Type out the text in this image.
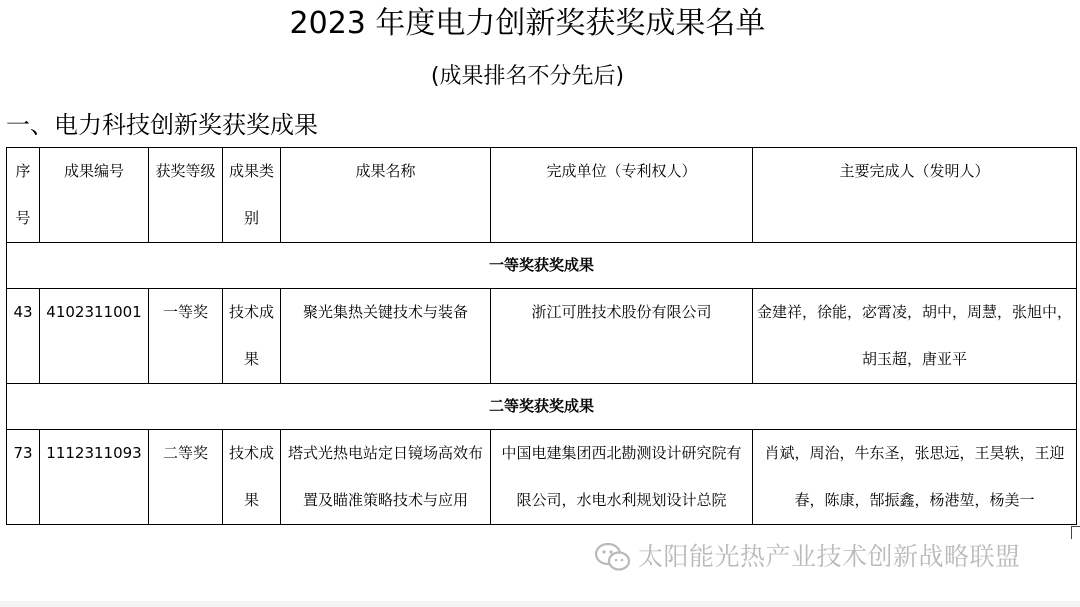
2023 年度电力创新奖获奖成果名单
(成果排名不分先后)
一、电力科技创新奖获奖成果
序号	成果编号	获奖等级	成果类别	成果名称	完成单位（专利权人）	主要完成人（发明人）
一等奖获奖成果						
43	4102311001	一等奖	技术成果	聚光集热关键技术与装备	浙江可胜技术股份有限公司	金建祥，徐能，宓霄凌，胡中，周慧，张旭中，胡玉超，唐亚平
二等奖获奖成果						
73	1112311093	二等奖	技术成果	塔式光热电站定日镜场高效布置及瞄准策略技术与应用	中国电建集团西北勘测设计研究院有限公司，水电水利规划设计总院	肖斌，周治，牛东圣，张思远，王昊轶，王迎春，陈康，郜振鑫，杨港堃，杨美一
太阳能光热产业技术创新战略联盟
